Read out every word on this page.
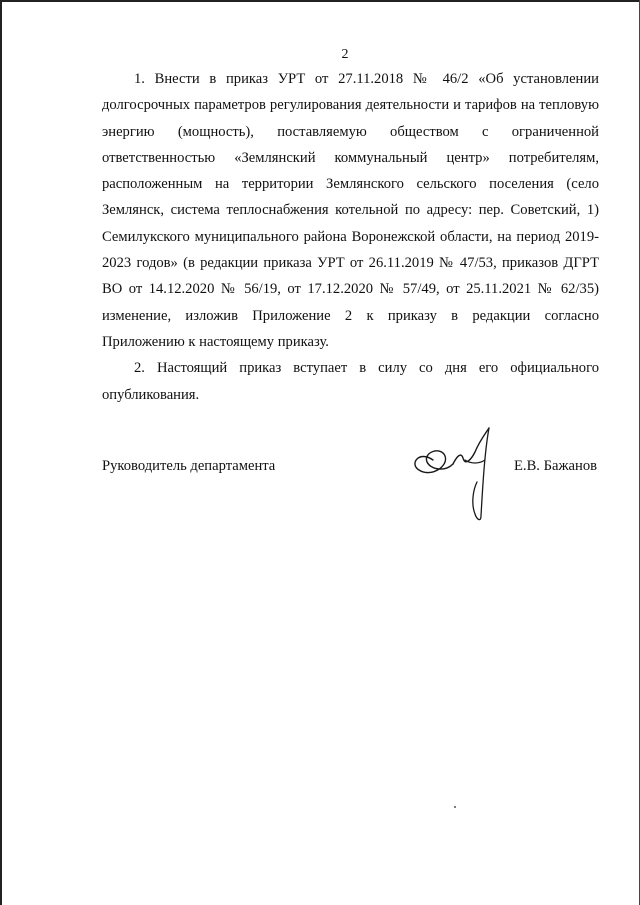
2

1. Внести в приказ УРТ от 27.11.2018 № 46/2 «Об установлении долгосрочных параметров регулирования деятельности и тарифов на тепловую энергию (мощность), поставляемую обществом с ограниченной ответственностью «Землянский коммунальный центр» потребителям, расположенным на территории Землянского сельского поселения (село Землянск, система теплоснабжения котельной по адресу: пер. Советский, 1) Семилукского муниципального района Воронежской области, на период 2019-2023 годов» (в редакции приказа УРТ от 26.11.2019 № 47/53, приказов ДГРТ ВО от 14.12.2020 № 56/19, от 17.12.2020 № 57/49, от 25.11.2021 № 62/35) изменение, изложив Приложение 2 к приказу в редакции согласно Приложению к настоящему приказу.

2. Настоящий приказ вступает в силу со дня его официального опубликования.

Руководитель департамента	Е.В. Бажанов
